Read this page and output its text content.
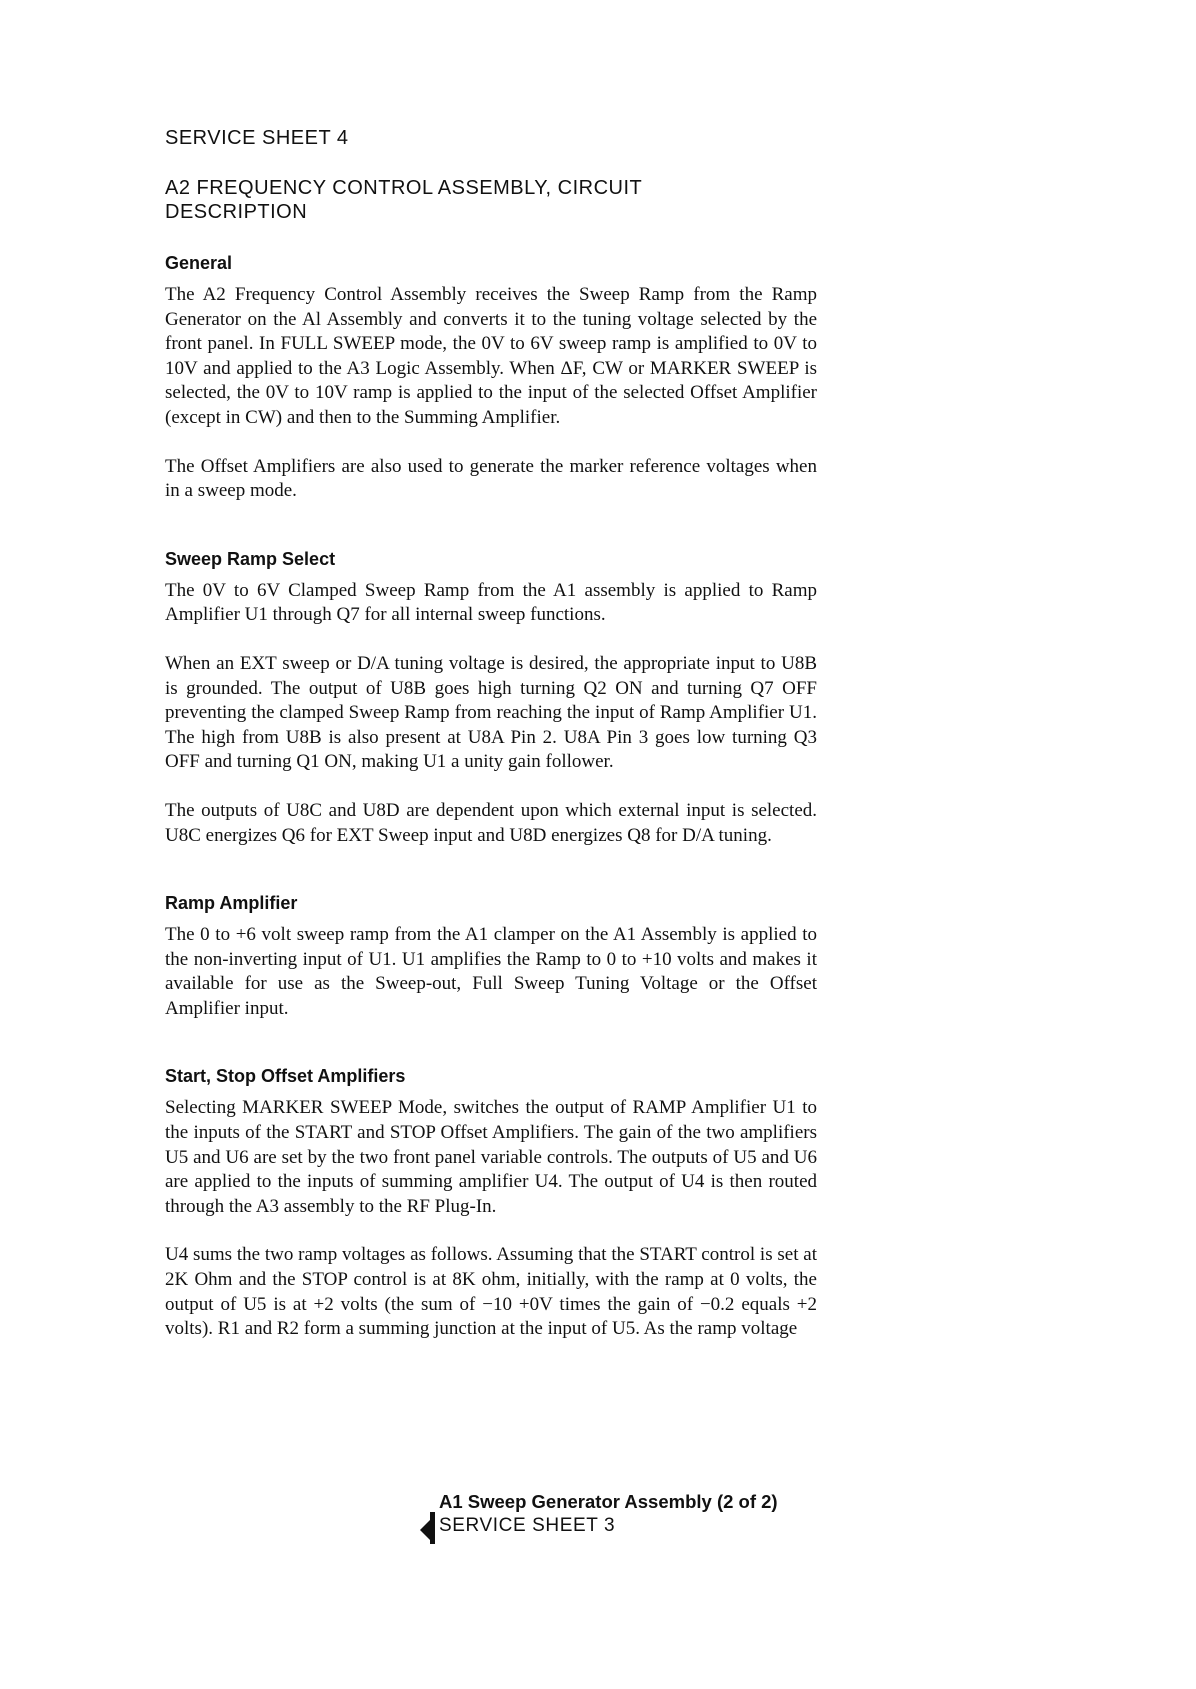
SERVICE SHEET 4
A2 FREQUENCY CONTROL ASSEMBLY, CIRCUIT DESCRIPTION
General

The A2 Frequency Control Assembly receives the Sweep Ramp from the Ramp Generator on the Al Assembly and converts it to the tuning voltage selected by the front panel. In FULL SWEEP mode, the 0V to 6V sweep ramp is amplified to 0V to 10V and applied to the A3 Logic Assembly. When ΔF, CW or MARKER SWEEP is selected, the 0V to 10V ramp is applied to the input of the selected Offset Amplifier (except in CW) and then to the Summing Amplifier.

The Offset Amplifiers are also used to generate the marker reference voltages when in a sweep mode.

Sweep Ramp Select

The 0V to 6V Clamped Sweep Ramp from the A1 assembly is applied to Ramp Amplifier U1 through Q7 for all internal sweep functions.

When an EXT sweep or D/A tuning voltage is desired, the appropriate input to U8B is grounded. The output of U8B goes high turning Q2 ON and turning Q7 OFF preventing the clamped Sweep Ramp from reaching the input of Ramp Amplifier U1. The high from U8B is also present at U8A Pin 2. U8A Pin 3 goes low turning Q3 OFF and turning Q1 ON, making U1 a unity gain follower.

The outputs of U8C and U8D are dependent upon which external input is selected. U8C energizes Q6 for EXT Sweep input and U8D energizes Q8 for D/A tuning.

Ramp Amplifier

The 0 to +6 volt sweep ramp from the A1 clamper on the A1 Assembly is applied to the non-inverting input of U1. U1 amplifies the Ramp to 0 to +10 volts and makes it available for use as the Sweep-out, Full Sweep Tuning Voltage or the Offset Amplifier input.

Start, Stop Offset Amplifiers

Selecting MARKER SWEEP Mode, switches the output of RAMP Amplifier U1 to the inputs of the START and STOP Offset Amplifiers. The gain of the two amplifiers U5 and U6 are set by the two front panel variable controls. The outputs of U5 and U6 are applied to the inputs of summing amplifier U4. The output of U4 is then routed through the A3 assembly to the RF Plug-In.

U4 sums the two ramp voltages as follows. Assuming that the START control is set at 2K Ohm and the STOP control is at 8K ohm, initially, with the ramp at 0 volts, the output of U5 is at +2 volts (the sum of −10 +0V times the gain of −0.2 equals +2 volts). R1 and R2 form a summing junction at the input of U5. As the ramp voltage

A1 Sweep Generator Assembly (2 of 2)
SERVICE SHEET 3
